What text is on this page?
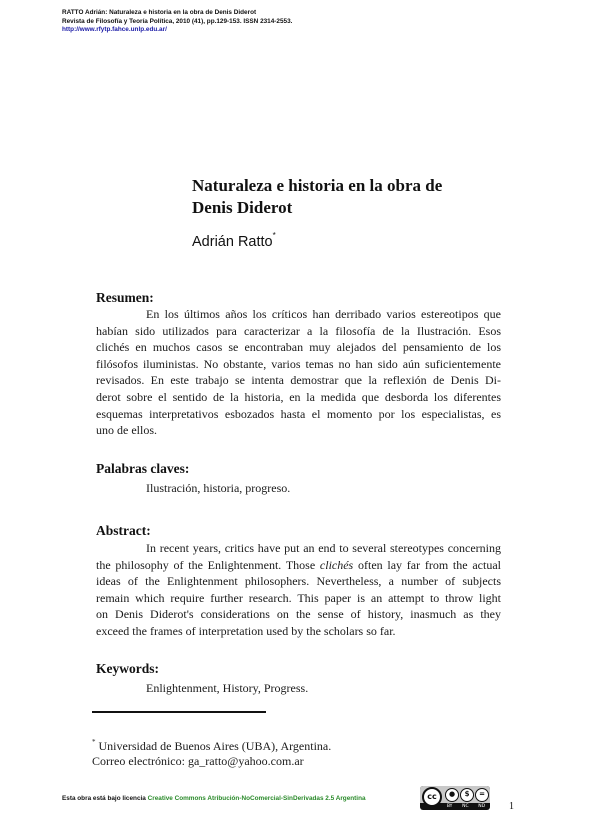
RATTO Adrián: Naturaleza e historia en la obra de Denis Diderot
Revista de Filosofía y Teoría Política, 2010 (41), pp.129-153. ISSN 2314-2553.
http://www.rfytp.fahce.unlp.edu.ar/
Naturaleza e historia en la obra de
Denis Diderot
Adrián Ratto*
Resumen:
En los últimos años los críticos han derribado varios estereotipos que
habían sido utilizados para caracterizar a la filosofía de la Ilustración. Esos
clichés en muchos casos se encontraban muy alejados del pensamiento de los
filósofos iluministas. No obstante, varios temas no han sido aún suficientemente
revisados. En este trabajo se intenta demostrar que la reflexión de Denis Di-
derot sobre el sentido de la historia, en la medida que desborda los diferentes
esquemas interpretativos esbozados hasta el momento por los especialistas, es
uno de ellos.
Palabras claves:
Ilustración, historia, progreso.
Abstract:
In recent years, critics have put an end to several stereotypes concerning
the philosophy of the Enlightenment. Those clichés often lay far from the actual
ideas of the Enlightenment philosophers. Nevertheless, a number of subjects
remain which require further research. This paper is an attempt to throw light
on Denis Diderot's considerations on the sense of history, inasmuch as they
exceed the frames of interpretation used by the scholars so far.
Keywords:
Enlightenment, History, Progress.
* Universidad de Buenos Aires (UBA), Argentina.
Correo electrónico: ga_ratto@yahoo.com.ar
Esta obra está bajo licencia Creative Commons Atribución-NoComercial-SinDerivadas 2.5 Argentina	cc	●	$	=
BY NC ND 1
